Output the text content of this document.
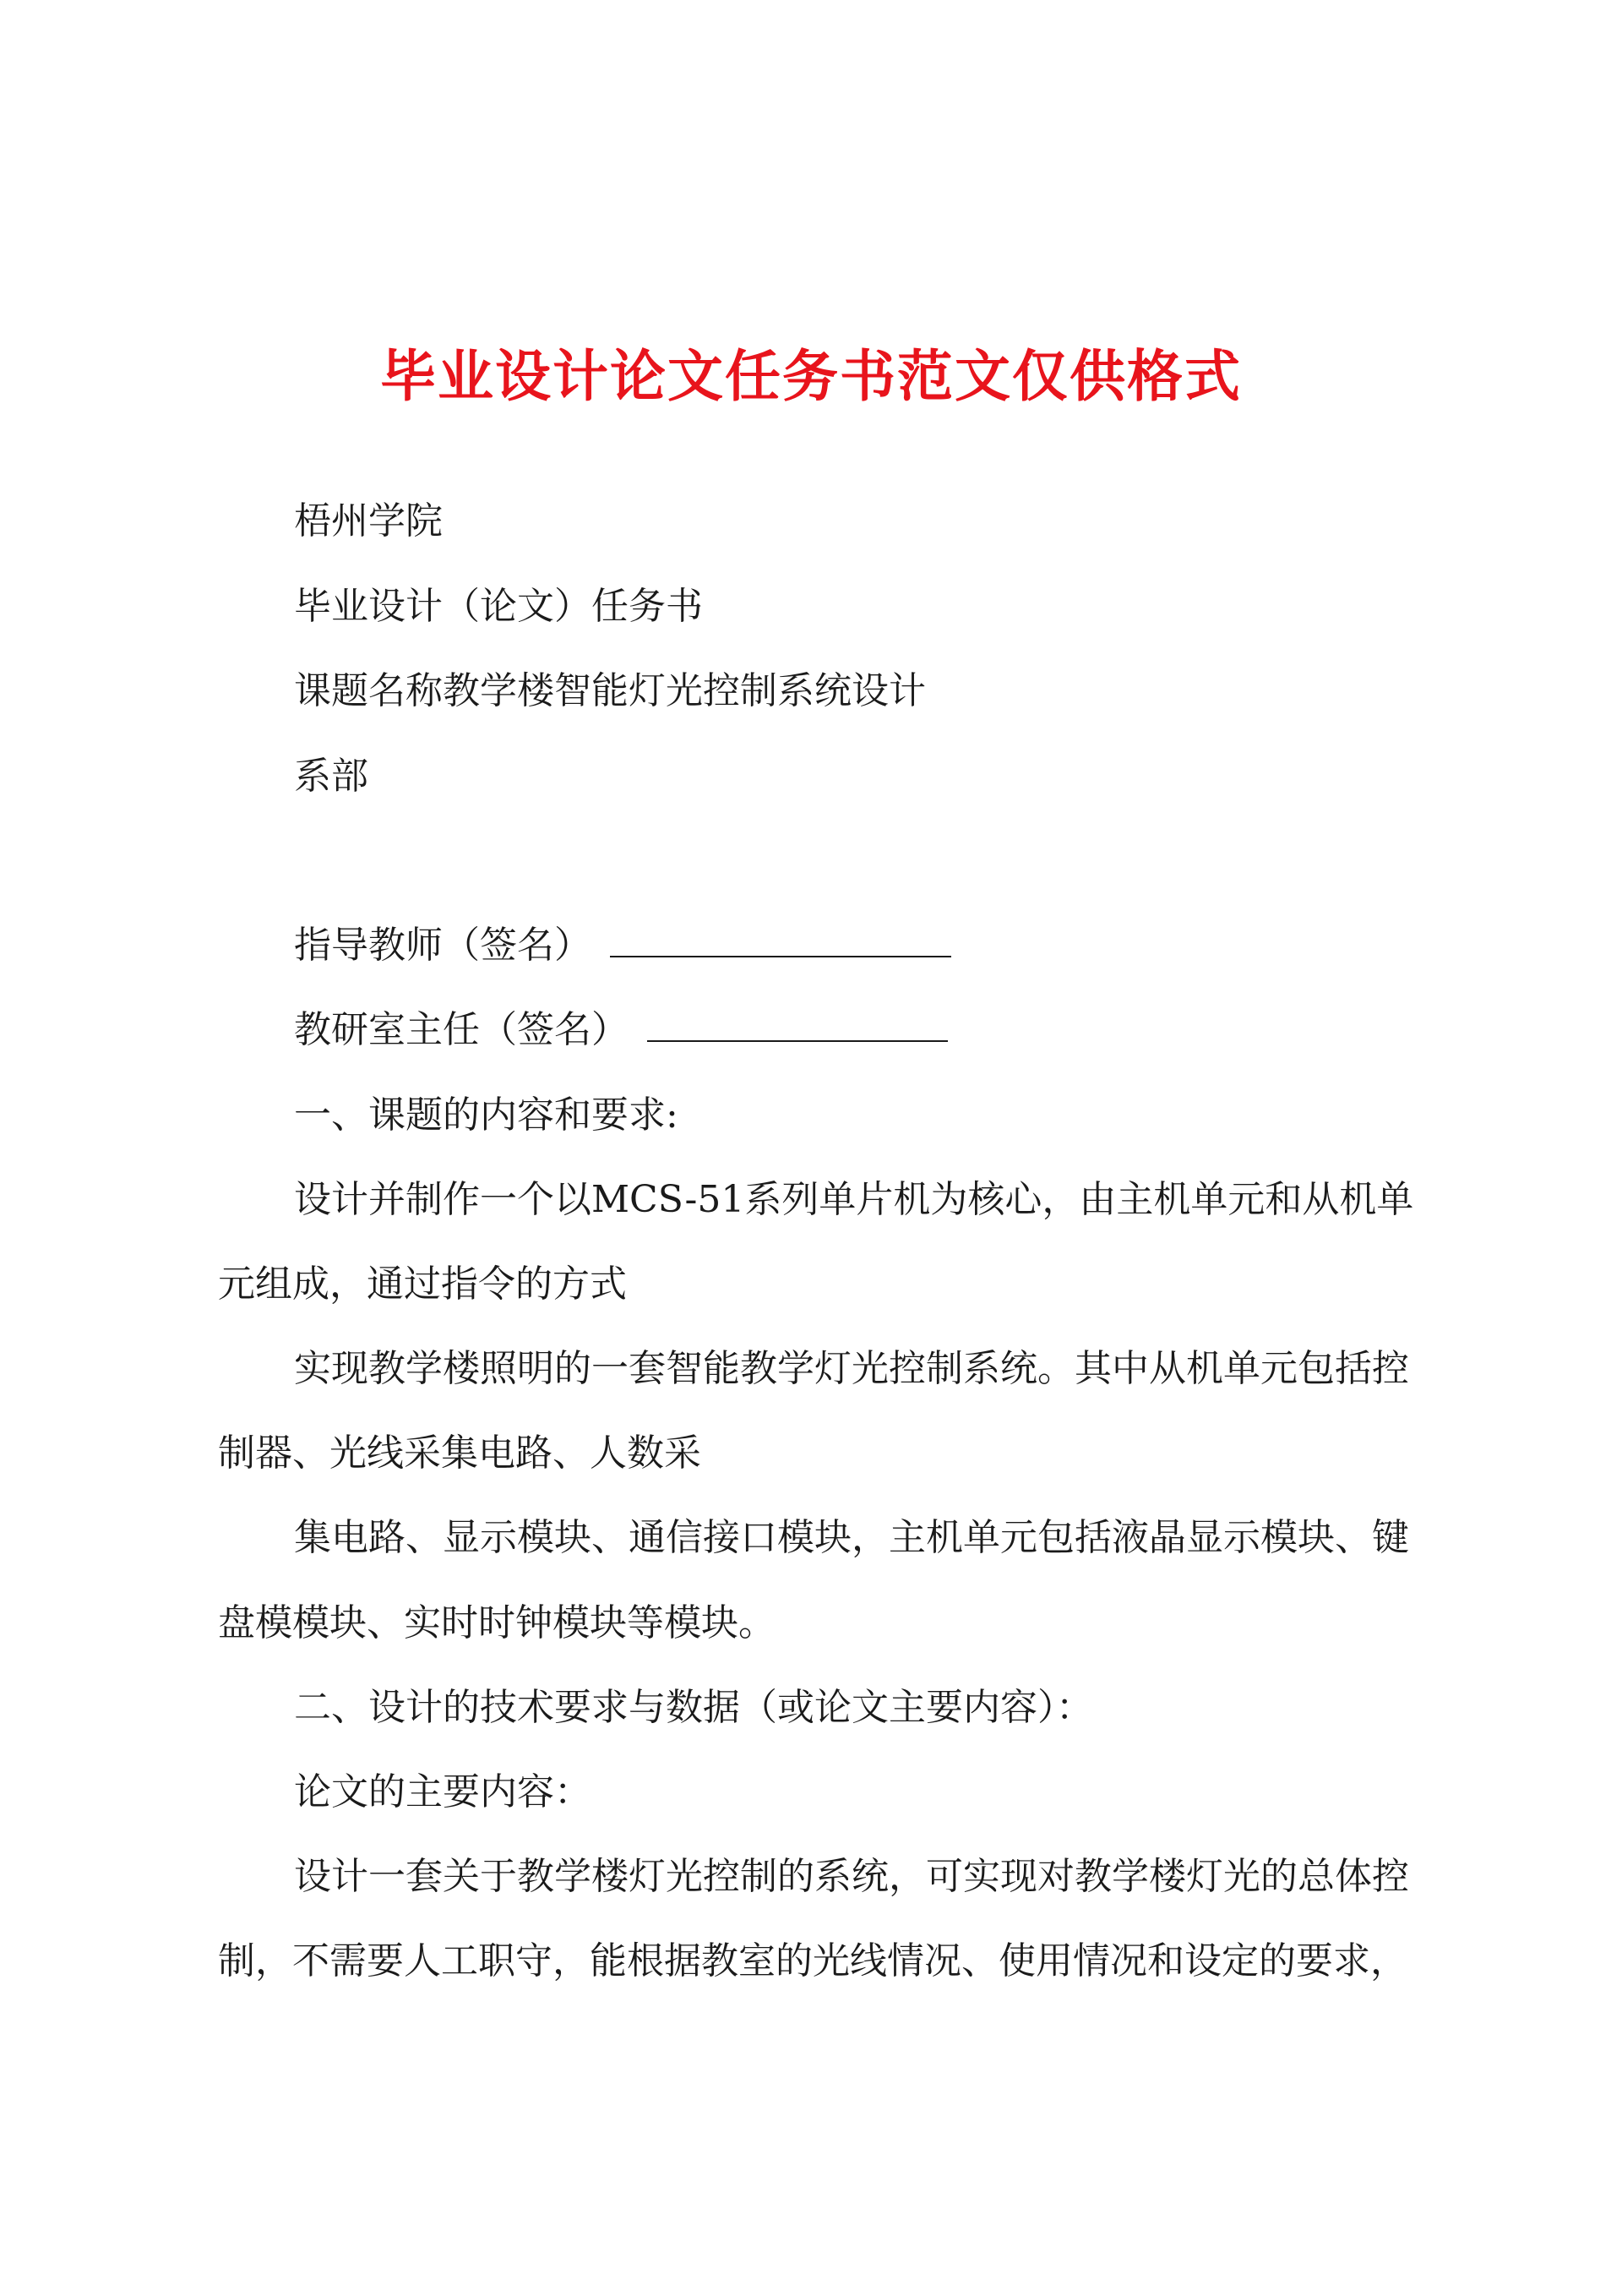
毕业设计论文任务书范文仅供格式

梧州学院

毕业设计（论文）任务书

课题名称教学楼智能灯光控制系统设计

系部

指导教师（签名）

教研室主任（签名）

一、课题的内容和要求:

设计并制作一个以MCS-51系列单片机为核心，由主机单元和从机单

元组成，通过指令的方式

实现教学楼照明的一套智能教学灯光控制系统。其中从机单元包括控

制器、光线采集电路、人数采

集电路、显示模块、通信接口模块，主机单元包括液晶显示模块、键

盘模模块、实时时钟模块等模块。

二、设计的技术要求与数据（或论文主要内容）：

论文的主要内容：

设计一套关于教学楼灯光控制的系统，可实现对教学楼灯光的总体控

制，不需要人工职守，能根据教室的光线情况、使用情况和设定的要求，
